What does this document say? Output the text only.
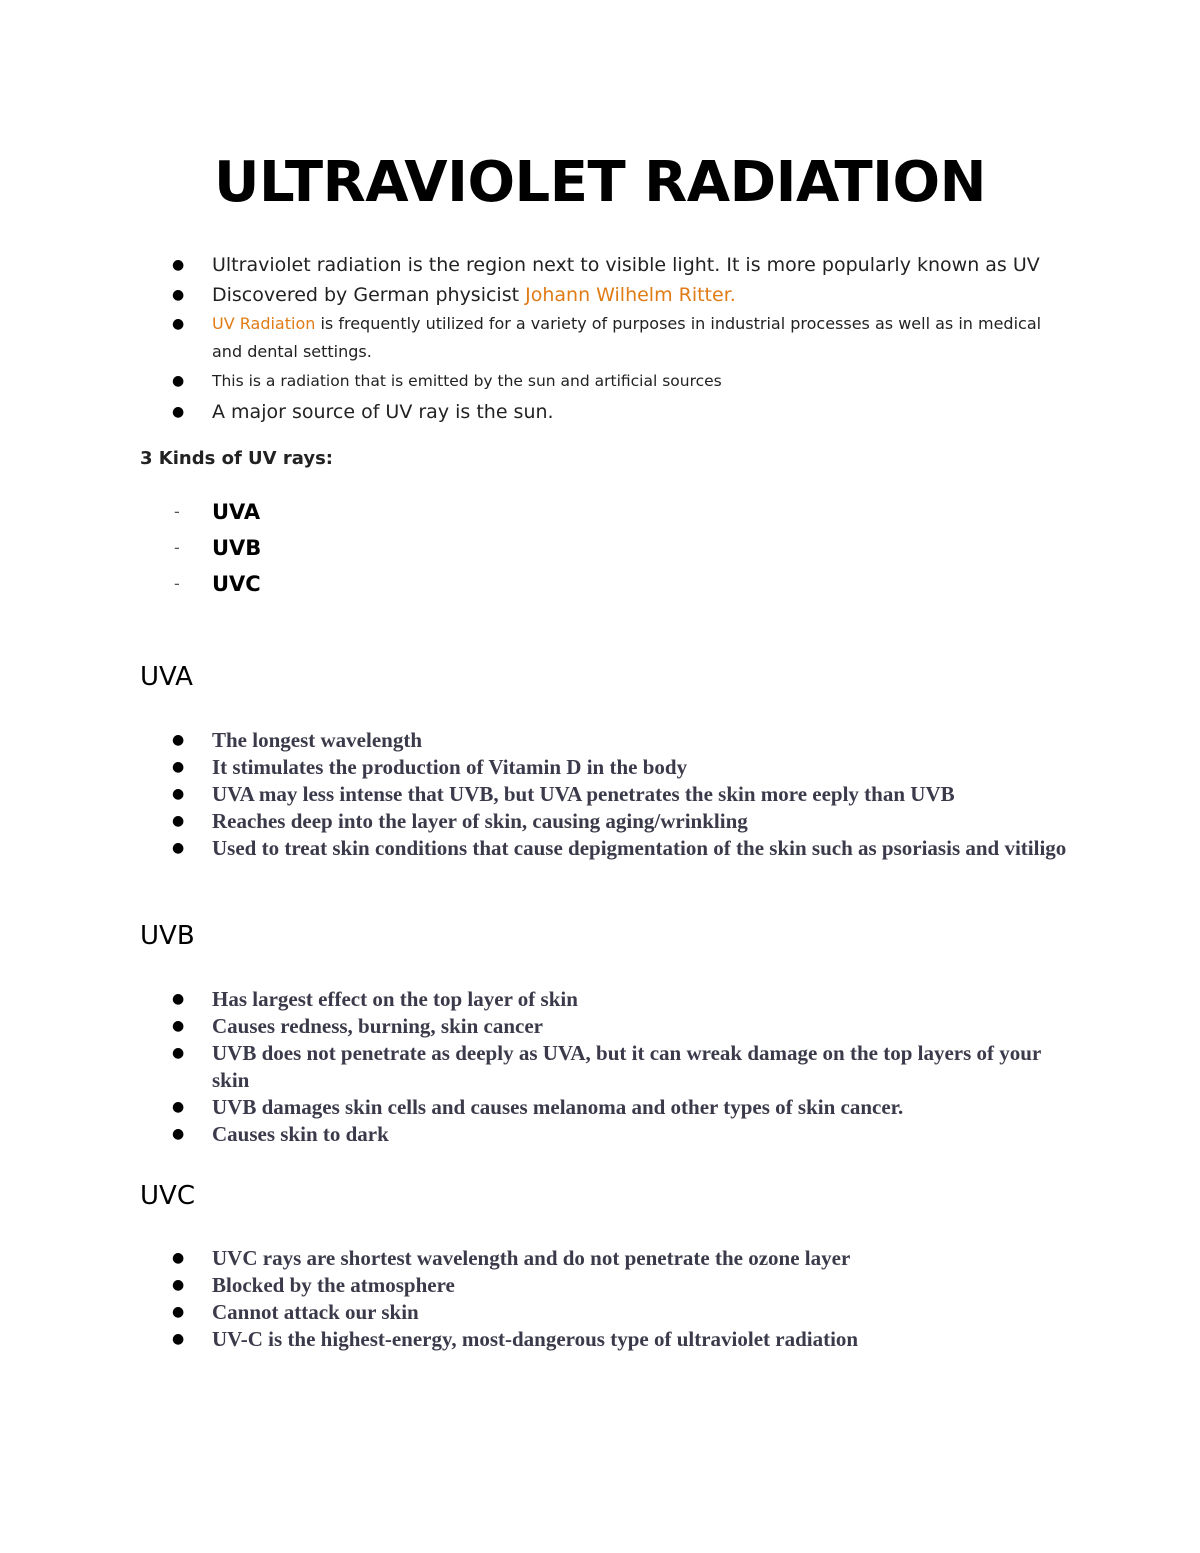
ULTRAVIOLET RADIATION
● Ultraviolet radiation is the region next to visible light. It is more popularly known as UV
● Discovered by German physicist Johann Wilhelm Ritter.
● UV Radiation is frequently utilized for a variety of purposes in industrial processes as well as in medical and dental settings.
● This is a radiation that is emitted by the sun and artificial sources
● A major source of UV ray is the sun.
3 Kinds of UV rays:
- UVA
- UVB
- UVC
UVA
● The longest wavelength
● It stimulates the production of Vitamin D in the body
● UVA may less intense that UVB, but UVA penetrates the skin more eeply than UVB
● Reaches deep into the layer of skin, causing aging/wrinkling
● Used to treat skin conditions that cause depigmentation of the skin such as psoriasis and vitiligo
UVB
● Has largest effect on the top layer of skin
● Causes redness, burning, skin cancer
● UVB does not penetrate as deeply as UVA, but it can wreak damage on the top layers of your skin
● UVB damages skin cells and causes melanoma and other types of skin cancer.
● Causes skin to dark
UVC
● UVC rays are shortest wavelength and do not penetrate the ozone layer
● Blocked by the atmosphere
● Cannot attack our skin
● UV-C is the highest-energy, most-dangerous type of ultraviolet radiation
